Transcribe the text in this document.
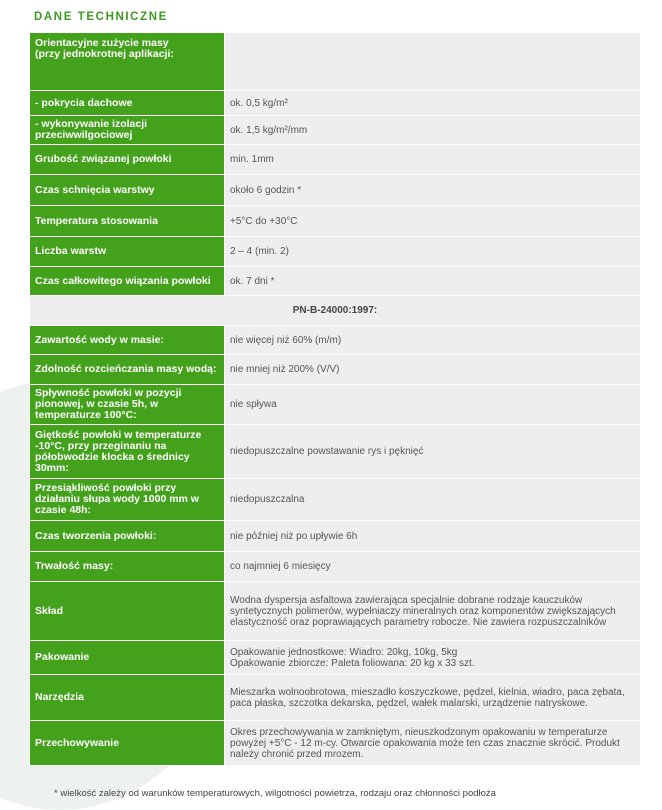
DANE TECHNICZNE
Orientacyjne zużycie masy
(przy jednokrotnej aplikacji:	

- pokrycia dachowe	ok. 0,5 kg/m²
- wykonywanie izolacji przeciwwilgociowej	ok. 1,5 kg/m²/mm
Grubość związanej powłoki	min. 1mm
Czas schnięcia warstwy	około 6 godzin *
Temperatura stosowania	+5°C do +30°C
Liczba warstw	2 – 4 (min. 2)
Czas całkowitego wiązania powłoki	ok. 7 dni *
PN-B-24000:1997:	
Zawartość wody w masie:	nie więcej niż 60% (m/m)
Zdolność rozcieńczania masy wodą:	nie mniej niż 200% (V/V)
Spływność powłoki w pozycji pionowej, w czasie 5h, w temperaturze 100°C:	nie spływa
Giętkość powłoki w temperaturze -10°C, przy przeginaniu na półobwodzie klocka o średnicy 30mm:	niedopuszczalne powstawanie rys i pęknięć
Przesiąkliwość powłoki przy działaniu słupa wody 1000 mm w czasie 48h:	niedopuszczalna
Czas tworzenia powłoki:	nie później niż po upływie 6h
Trwałość masy:	co najmniej 6 miesięcy
Skład	Wodna dyspersja asfaltowa zawierająca specjalnie dobrane rodzaje kauczuków syntetycznych polimerów, wypełniaczy mineralnych oraz komponentów zwiększających elastyczność oraz poprawiających parametry robocze. Nie zawiera rozpuszczalników
Pakowanie	Opakowanie jednostkowe: Wiadro: 20kg, 10kg, 5kg
Opakowanie zbiorcze: Paleta foliowana: 20 kg x 33 szt.

Narzędzia	Mieszarka wolnoobrotowa, mieszadło koszyczkowe, pędzel, kielnia, wiadro, paca zębata, paca płaska, szczotka dekarska, pędzel, wałek malarski, urządzenie natryskowe.
Przechowywanie	Okres przechowywania w zamkniętym, nieuszkodzonym opakowaniu w temperaturze powyżej +5°C - 12 m-cy. Otwarcie opakowania może ten czas znacznie skrócić. Produkt należy chronić przed mrozem.
* wielkość zależy od warunków temperaturowych, wilgotności powietrza, rodzaju oraz chłonności podłoża
